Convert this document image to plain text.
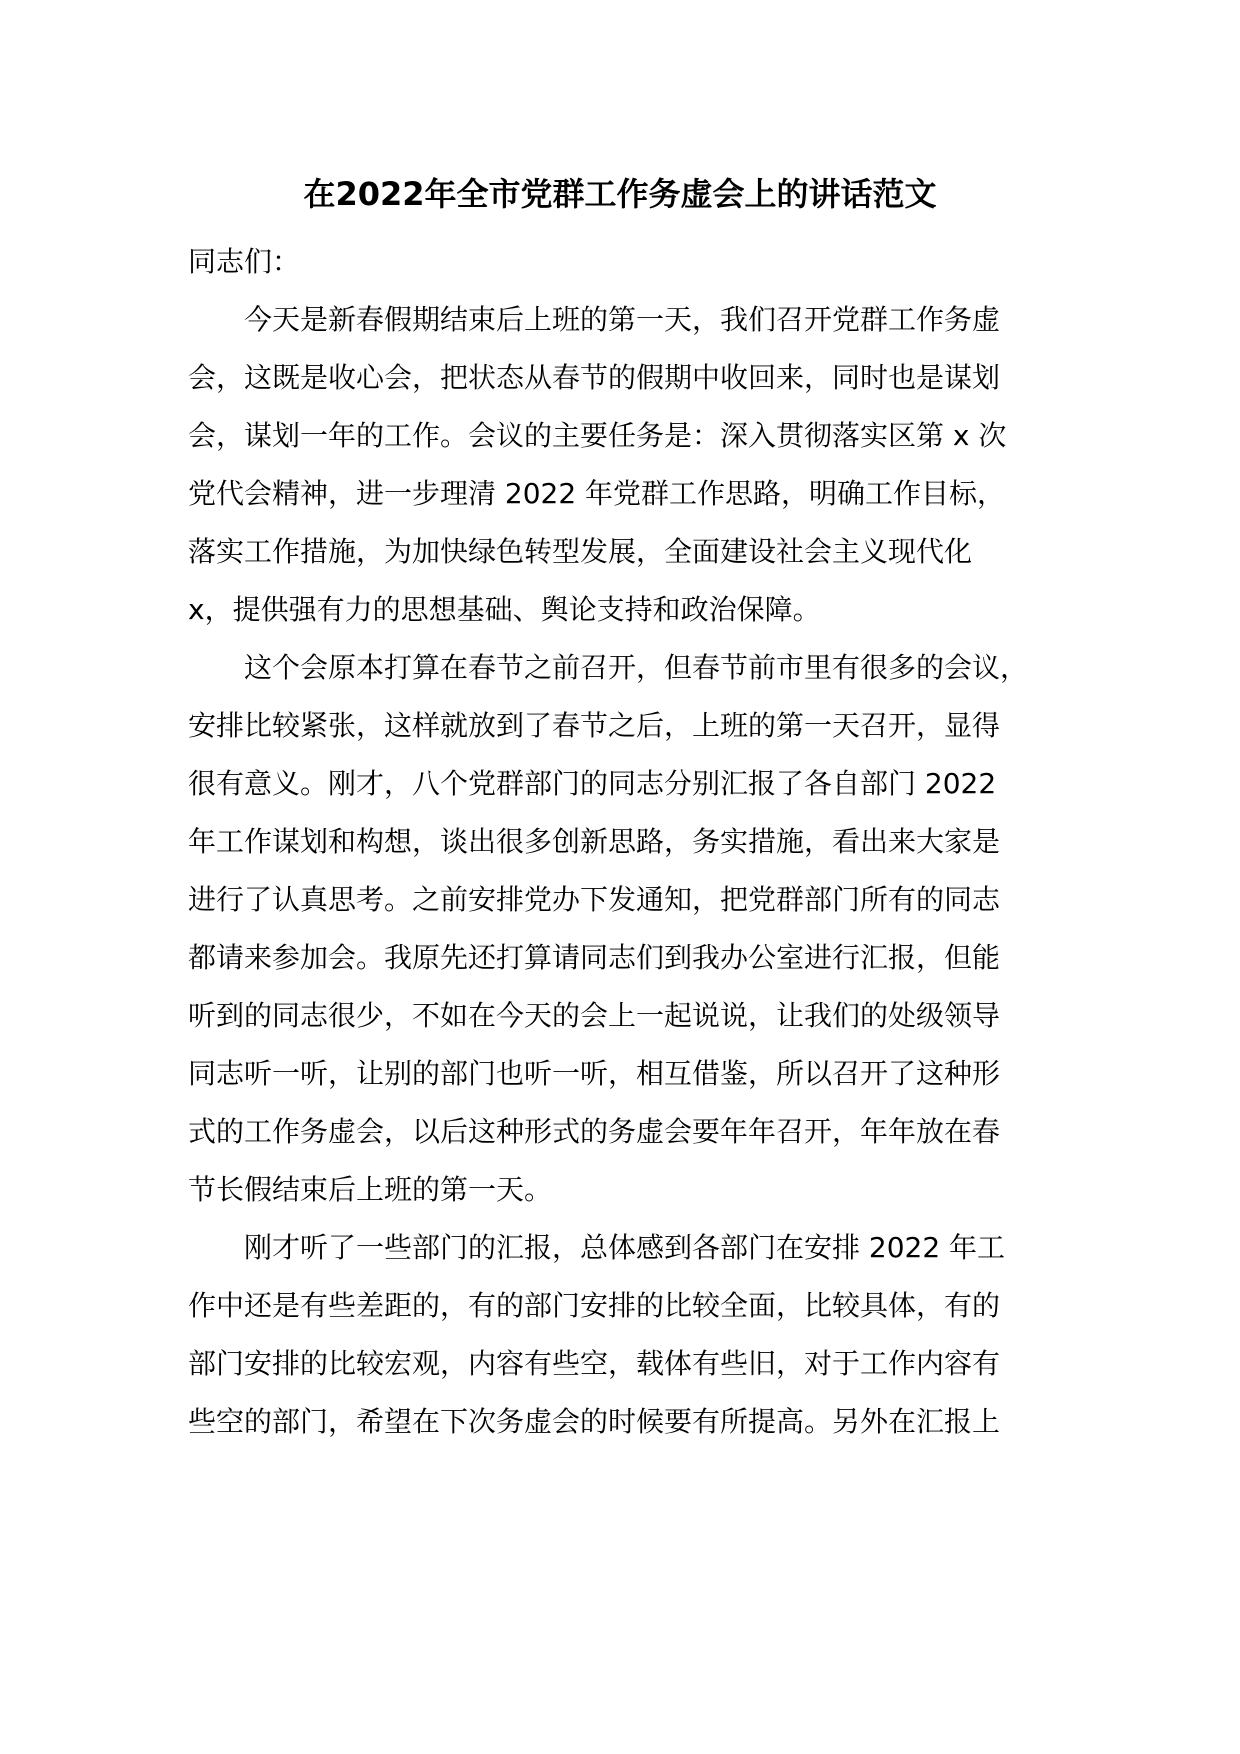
在2022年全市党群工作务虚会上的讲话范文

同志们：

今天是新春假期结束后上班的第一天，我们召开党群工作务虚

会，这既是收心会，把状态从春节的假期中收回来，同时也是谋划

会，谋划一年的工作。会议的主要任务是：深入贯彻落实区第 x 次

党代会精神，进一步理清 2022 年党群工作思路，明确工作目标，

落实工作措施，为加快绿色转型发展，全面建设社会主义现代化

x，提供强有力的思想基础、舆论支持和政治保障。

这个会原本打算在春节之前召开，但春节前市里有很多的会议，

安排比较紧张，这样就放到了春节之后，上班的第一天召开，显得

很有意义。刚才，八个党群部门的同志分别汇报了各自部门 2022

年工作谋划和构想，谈出很多创新思路，务实措施，看出来大家是

进行了认真思考。之前安排党办下发通知，把党群部门所有的同志

都请来参加会。我原先还打算请同志们到我办公室进行汇报，但能

听到的同志很少，不如在今天的会上一起说说，让我们的处级领导

同志听一听，让别的部门也听一听，相互借鉴，所以召开了这种形

式的工作务虚会，以后这种形式的务虚会要年年召开，年年放在春

节长假结束后上班的第一天。

刚才听了一些部门的汇报，总体感到各部门在安排 2022 年工

作中还是有些差距的，有的部门安排的比较全面，比较具体，有的

部门安排的比较宏观，内容有些空，载体有些旧，对于工作内容有

些空的部门，希望在下次务虚会的时候要有所提高。另外在汇报上
